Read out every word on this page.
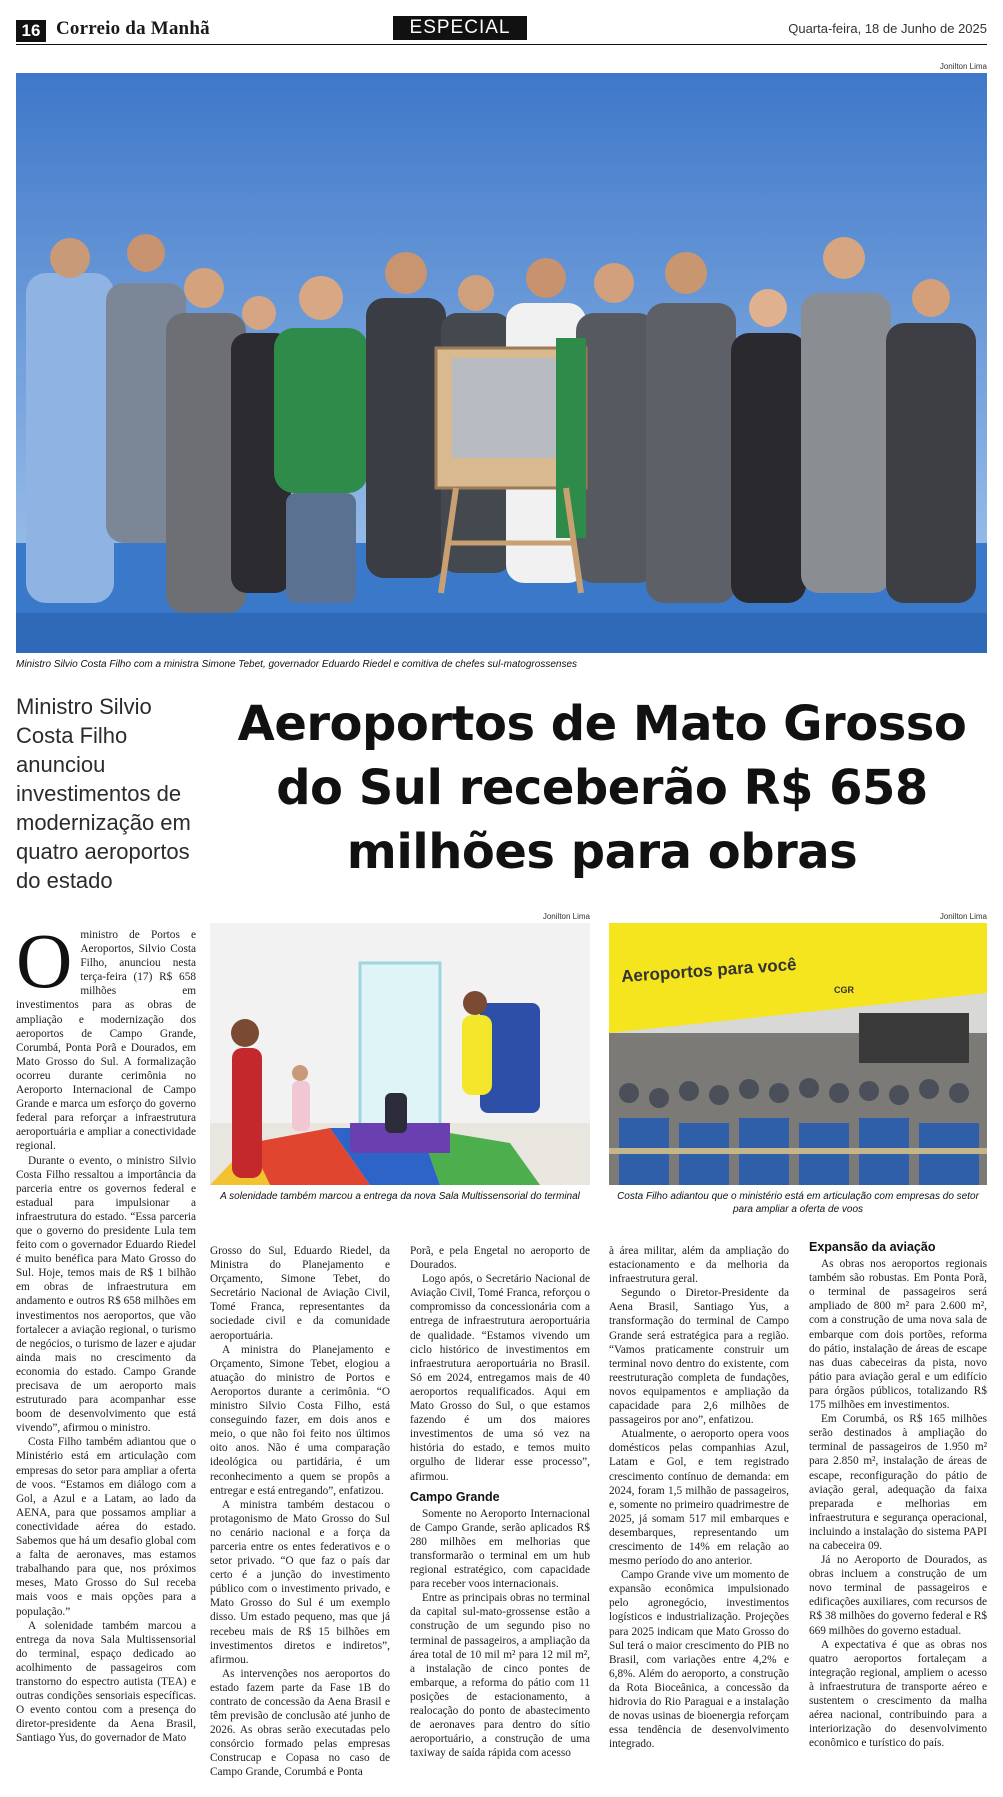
16 Correio da Manhã	ESPECIAL	Quarta-feira, 18 de Junho de 2025
Jonilton Lima
Ministro Silvio Costa Filho com a ministra Simone Tebet, governador Eduardo Riedel e comitiva de chefes sul-matogrossenses
Ministro Silvio Costa Filho anunciou investimentos de modernização em quatro aeroportos do estado
Aeroportos de Mato Grosso do Sul receberão R$ 658 milhões para obras
Jonilton Lima
A solenidade também marcou a entrega da nova Sala Multissensorial do terminal
Jonilton Lima
Aeroportos para você
CGR
Costa Filho adiantou que o ministério está em articulação com empresas do setor para ampliar a oferta de voos
O ministro de Portos e Aeroportos, Silvio Costa Filho, anunciou nesta terça-feira (17) R$ 658 milhões em investimentos para as obras de ampliação e modernização dos aeroportos de Campo Grande, Corumbá, Ponta Porã e Dourados, em Mato Grosso do Sul. A formalização ocorreu durante cerimônia no Aeroporto Internacional de Campo Grande e marca um esforço do governo federal para reforçar a infraestrutura aeroportuária e ampliar a conectividade regional.

Durante o evento, o ministro Silvio Costa Filho ressaltou a importância da parceria entre os governos federal e estadual para impulsionar a infraestrutura do estado. “Essa parceria que o governo do presidente Lula tem feito com o governador Eduardo Riedel é muito benéfica para Mato Grosso do Sul. Hoje, temos mais de R$ 1 bilhão em obras de infraestrutura em andamento e outros R$ 658 milhões em investimentos nos aeroportos, que vão fortalecer a aviação regional, o turismo de negócios, o turismo de lazer e ajudar ainda mais no crescimento da economia do estado. Campo Grande precisava de um aeroporto mais estruturado para acompanhar esse boom de desenvolvimento que está vivendo”, afirmou o ministro.

Costa Filho também adiantou que o Ministério está em articulação com empresas do setor para ampliar a oferta de voos. “Estamos em diálogo com a Gol, a Azul e a Latam, ao lado da AENA, para que possamos ampliar a conectividade aérea do estado. Sabemos que há um desafio global com a falta de aeronaves, mas estamos trabalhando para que, nos próximos meses, Mato Grosso do Sul receba mais voos e mais opções para a população.”

A solenidade também marcou a entrega da nova Sala Multissensorial do terminal, espaço dedicado ao acolhimento de passageiros com transtorno do espectro autista (TEA) e outras condições sensoriais específicas. O evento contou com a presença do diretor-presidente da Aena Brasil, Santiago Yus, do governador de Mato

Grosso do Sul, Eduardo Riedel, da Ministra do Planejamento e Orçamento, Simone Tebet, do Secretário Nacional de Aviação Civil, Tomé Franca, representantes da sociedade civil e da comunidade aeroportuária.

A ministra do Planejamento e Orçamento, Simone Tebet, elogiou a atuação do ministro de Portos e Aeroportos durante a cerimônia. “O ministro Silvio Costa Filho, está conseguindo fazer, em dois anos e meio, o que não foi feito nos últimos oito anos. Não é uma comparação ideológica ou partidária, é um reconhecimento a quem se propôs a entregar e está entregando”, enfatizou.

A ministra também destacou o protagonismo de Mato Grosso do Sul no cenário nacional e a força da parceria entre os entes federativos e o setor privado. “O que faz o país dar certo é a junção do investimento público com o investimento privado, e Mato Grosso do Sul é um exemplo disso. Um estado pequeno, mas que já recebeu mais de R$ 15 bilhões em investimentos diretos e indiretos”, afirmou.

As intervenções nos aeroportos do estado fazem parte da Fase 1B do contrato de concessão da Aena Brasil e têm previsão de conclusão até junho de 2026. As obras serão executadas pelo consórcio formado pelas empresas Construcap e Copasa no caso de Campo Grande, Corumbá e Ponta

Porã, e pela Engetal no aeroporto de Dourados.

Logo após, o Secretário Nacional de Aviação Civil, Tomé Franca, reforçou o compromisso da concessionária com a entrega de infraestrutura aeroportuária de qualidade. “Estamos vivendo um ciclo histórico de investimentos em infraestrutura aeroportuária no Brasil. Só em 2024, entregamos mais de 40 aeroportos requalificados. Aqui em Mato Grosso do Sul, o que estamos fazendo é um dos maiores investimentos de uma só vez na história do estado, e temos muito orgulho de liderar esse processo”, afirmou.

Campo Grande

Somente no Aeroporto Internacional de Campo Grande, serão aplicados R$ 280 milhões em melhorias que transformarão o terminal em um hub regional estratégico, com capacidade para receber voos internacionais.

Entre as principais obras no terminal da capital sul-mato-grossense estão a construção de um segundo piso no terminal de passageiros, a ampliação da área total de 10 mil m² para 12 mil m², a instalação de cinco pontes de embarque, a reforma do pátio com 11 posições de estacionamento, a realocação do ponto de abastecimento de aeronaves para dentro do sítio aeroportuário, a construção de uma taxiway de saída rápida com acesso

à área militar, além da ampliação do estacionamento e da melhoria da infraestrutura geral.

Segundo o Diretor-Presidente da Aena Brasil, Santiago Yus, a transformação do terminal de Campo Grande será estratégica para a região. “Vamos praticamente construir um terminal novo dentro do existente, com reestruturação completa de fundações, novos equipamentos e ampliação da capacidade para 2,6 milhões de passageiros por ano”, enfatizou.

Atualmente, o aeroporto opera voos domésticos pelas companhias Azul, Latam e Gol, e tem registrado crescimento contínuo de demanda: em 2024, foram 1,5 milhão de passageiros, e, somente no primeiro quadrimestre de 2025, já somam 517 mil embarques e desembarques, representando um crescimento de 14% em relação ao mesmo período do ano anterior.

Campo Grande vive um momento de expansão econômica impulsionado pelo agronegócio, investimentos logísticos e industrialização. Projeções para 2025 indicam que Mato Grosso do Sul terá o maior crescimento do PIB no Brasil, com variações entre 4,2% e 6,8%. Além do aeroporto, a construção da Rota Bioceânica, a concessão da hidrovia do Rio Paraguai e a instalação de novas usinas de bioenergia reforçam essa tendência de desenvolvimento integrado.

Expansão da aviação

As obras nos aeroportos regionais também são robustas. Em Ponta Porã, o terminal de passageiros será ampliado de 800 m² para 2.600 m², com a construção de uma nova sala de embarque com dois portões, reforma do pátio, instalação de áreas de escape nas duas cabeceiras da pista, novo pátio para aviação geral e um edifício para órgãos públicos, totalizando R$ 175 milhões em investimentos.

Em Corumbá, os R$ 165 milhões serão destinados à ampliação do terminal de passageiros de 1.950 m² para 2.850 m², instalação de áreas de escape, reconfiguração do pátio de aviação geral, adequação da faixa preparada e melhorias em infraestrutura e segurança operacional, incluindo a instalação do sistema PAPI na cabeceira 09.

Já no Aeroporto de Dourados, as obras incluem a construção de um novo terminal de passageiros e edificações auxiliares, com recursos de R$ 38 milhões do governo federal e R$ 669 milhões do governo estadual.

A expectativa é que as obras nos quatro aeroportos fortaleçam a integração regional, ampliem o acesso à infraestrutura de transporte aéreo e sustentem o crescimento da malha aérea nacional, contribuindo para a interiorização do desenvolvimento econômico e turístico do país.
